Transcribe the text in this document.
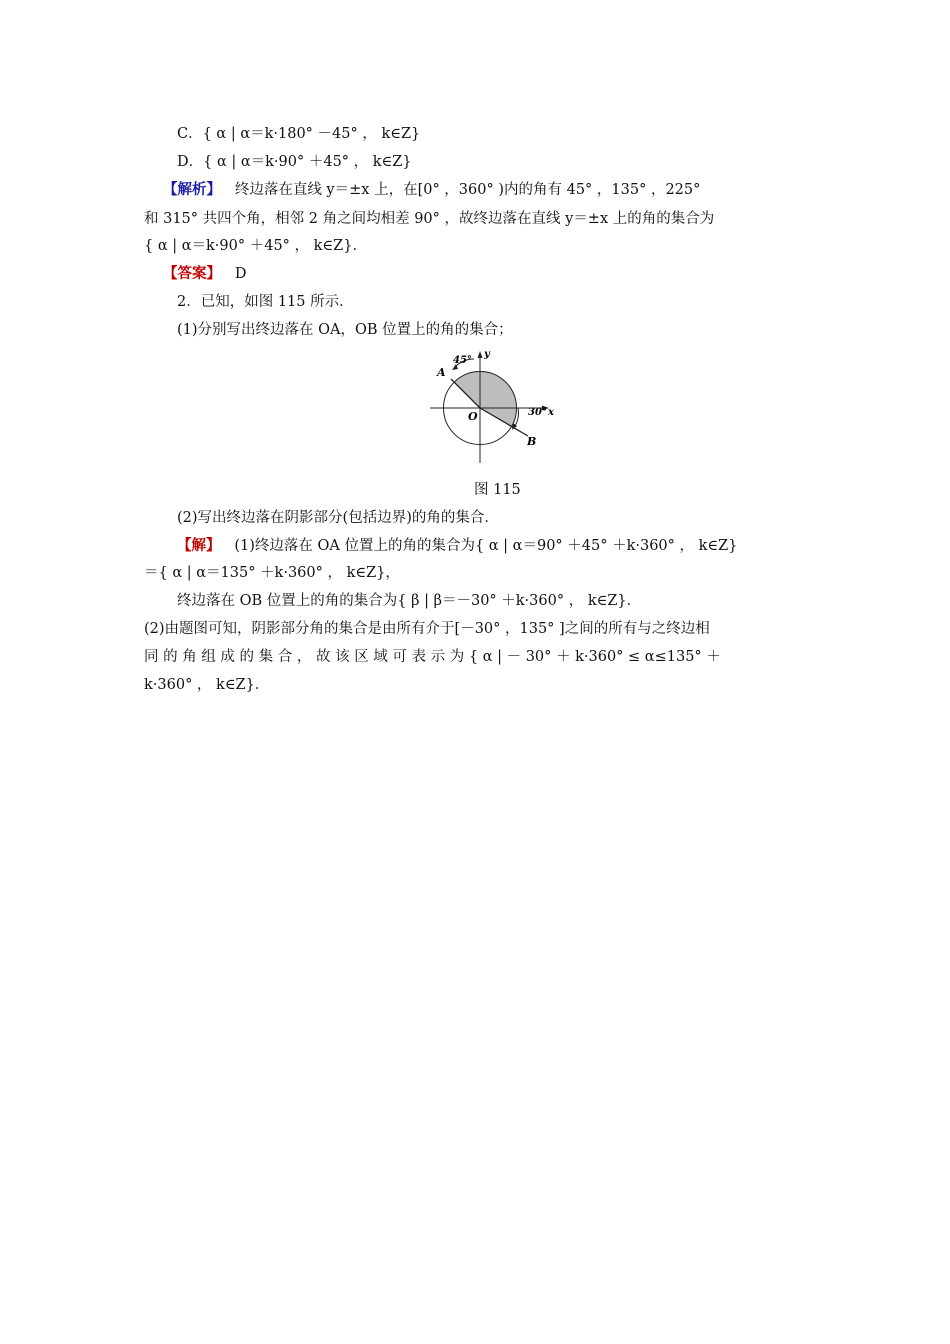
C．{ α | α＝k·180° －45° ， k∈Z}
D．{ α | α＝k·90° ＋45° ， k∈Z}
【解析】 终边落在直线 y＝±x 上，在[0° ，360° )内的角有 45° ，135° ，225°
和 315° 共四个角，相邻 2 角之间均相差 90° ，故终边落在直线 y＝±x 上的角的集合为
{ α | α＝k·90° ＋45° ， k∈Z}．
【答案】 D
2．已知，如图 115 所示．
(1)分别写出终边落在 OA，OB 位置上的角的集合；
45°
y
A
O	30° x
B
图 115
(2)写出终边落在阴影部分(包括边界)的角的集合．
【解】 (1)终边落在 OA 位置上的角的集合为{ α | α＝90° ＋45° ＋k·360° ， k∈Z}
＝{ α | α＝135° ＋k·360° ， k∈Z}，
终边落在 OB 位置上的角的集合为{ β | β＝－30° ＋k·360° ， k∈Z}．
(2)由题图可知，阴影部分角的集合是由所有介于[－30° ，135° ]之间的所有与之终边相
同 的 角 组 成 的 集 合 ， 故 该 区 域 可 表 示 为 { α | － 30° ＋ k·360° ≤ α≤135° ＋
k·360° ， k∈Z}．
